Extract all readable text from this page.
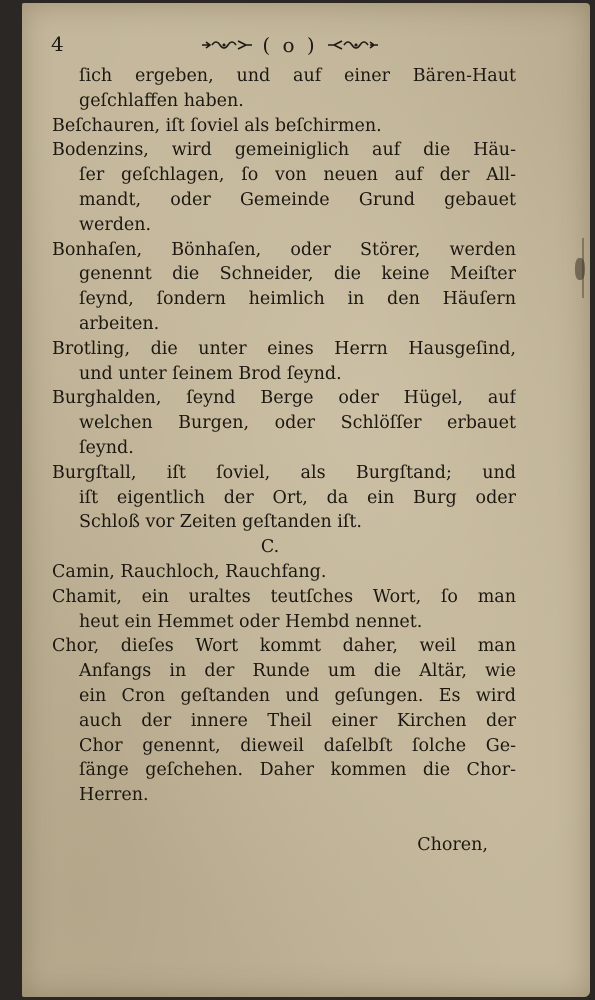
4	( o )
ſich ergeben, und auf einer Bären-Haut
geſchlaffen haben.
Beſchauren, iſt ſoviel als beſchirmen.
Bodenzins, wird gemeiniglich auf die Häu-
ſer geſchlagen, ſo von neuen auf der All-
mandt, oder Gemeinde Grund gebauet
werden.
Bonhaſen, Bönhaſen, oder Störer, werden
genennt die Schneider, die keine Meiſter
ſeynd, ſondern heimlich in den Häuſern
arbeiten.
Brotling, die unter eines Herrn Hausgeſind,
und unter ſeinem Brod ſeynd.
Burghalden, ſeynd Berge oder Hügel, auf
welchen Burgen, oder Schlöſſer erbauet
ſeynd.
Burgſtall, iſt ſoviel, als Burgſtand; und
iſt eigentlich der Ort, da ein Burg oder
Schloß vor Zeiten geſtanden iſt.
C.
Camin, Rauchloch, Rauchfang.
Chamit, ein uraltes teutſches Wort, ſo man
heut ein Hemmet oder Hembd nennet.
Chor, dieſes Wort kommt daher, weil man
Anfangs in der Runde um die Altär, wie
ein Cron geſtanden und geſungen. Es wird
auch der innere Theil einer Kirchen der
Chor genennt, dieweil daſelbſt ſolche Ge-
ſänge geſchehen. Daher kommen die Chor-
Herren.
Choren,
